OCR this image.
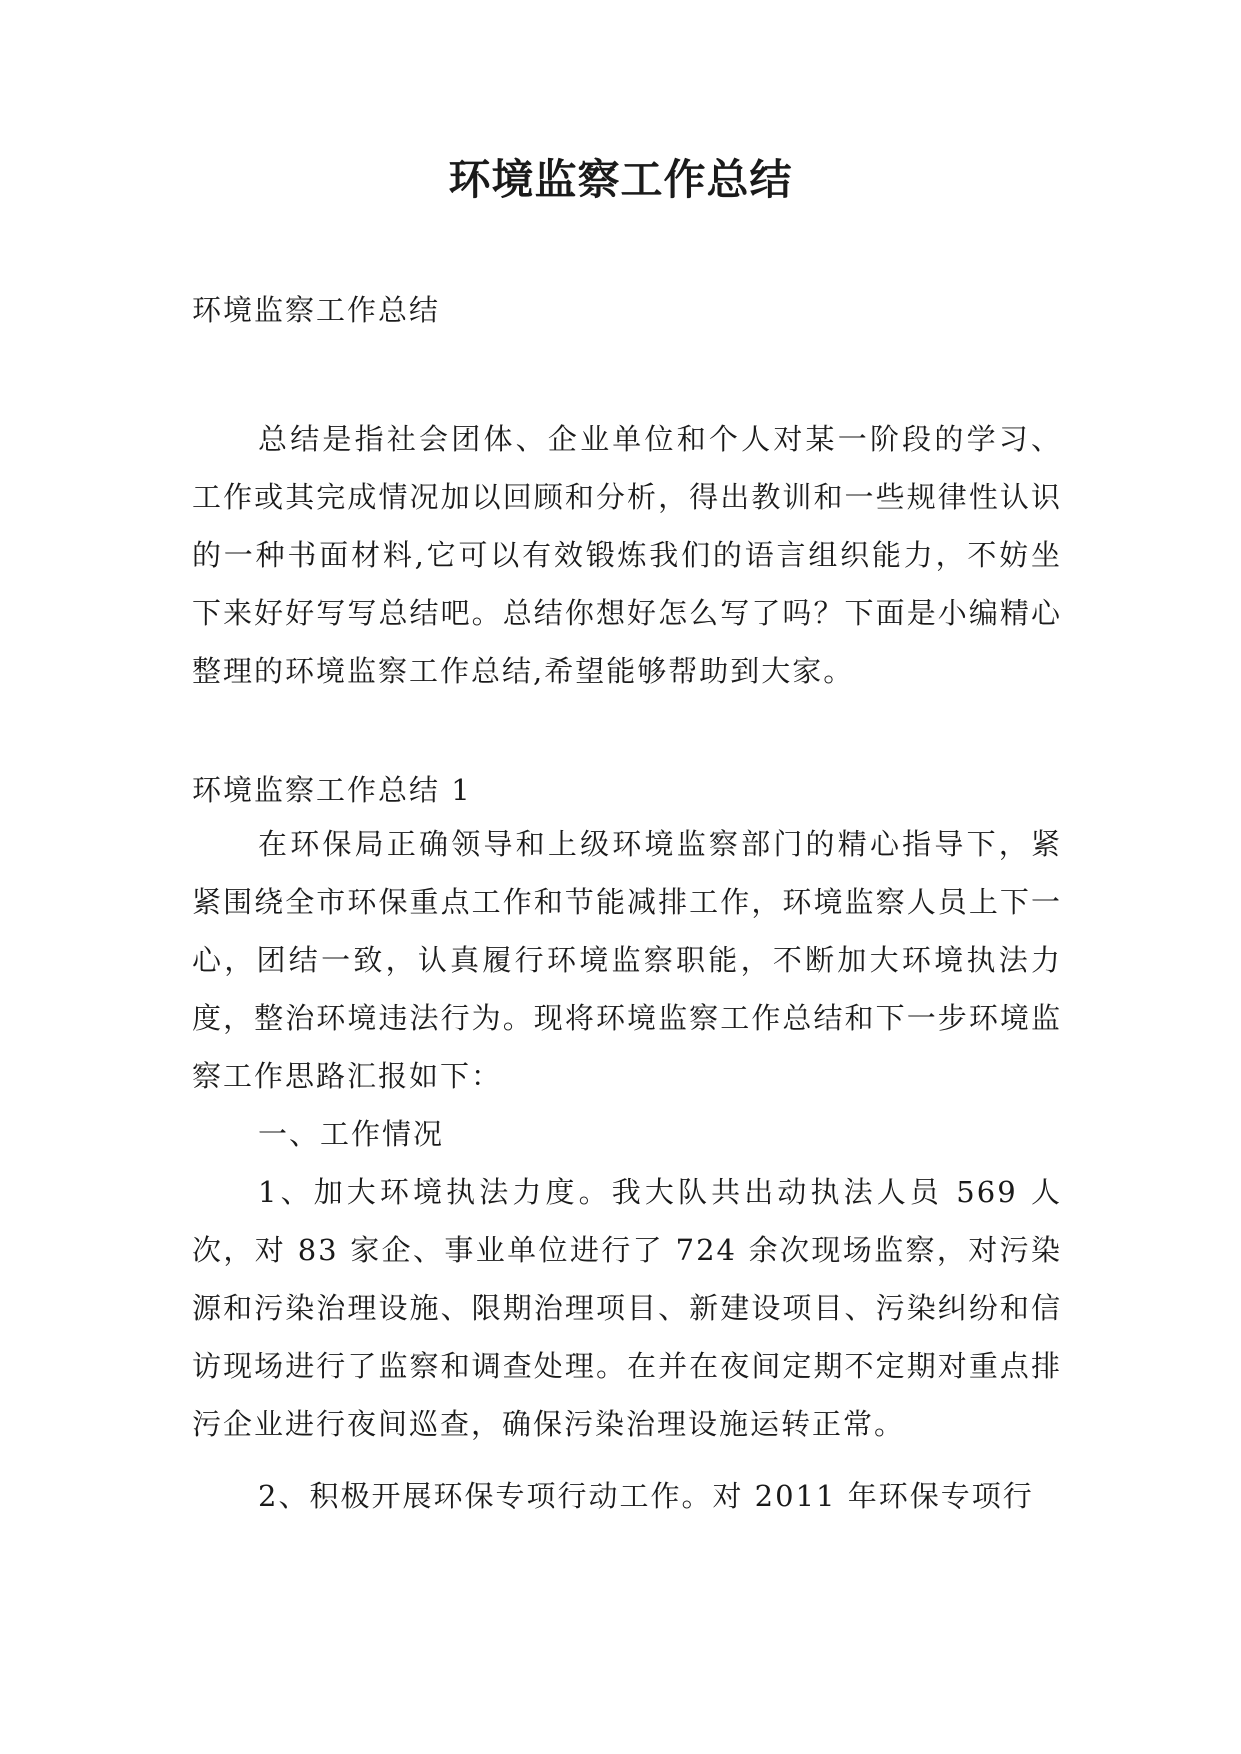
环境监察工作总结
环境监察工作总结

总结是指社会团体、企业单位和个人对某一阶段的学习、工作或其完成情况加以回顾和分析，得出教训和一些规律性认识的一种书面材料,它可以有效锻炼我们的语言组织能力，不妨坐下来好好写写总结吧。总结你想好怎么写了吗？下面是小编精心整理的环境监察工作总结,希望能够帮助到大家。

环境监察工作总结 1

在环保局正确领导和上级环境监察部门的精心指导下，紧紧围绕全市环保重点工作和节能减排工作，环境监察人员上下一心，团结一致，认真履行环境监察职能，不断加大环境执法力度，整治环境违法行为。现将环境监察工作总结和下一步环境监察工作思路汇报如下：

一、工作情况

1、加大环境执法力度。我大队共出动执法人员 569 人次，对 83 家企、事业单位进行了 724 余次现场监察，对污染源和污染治理设施、限期治理项目、新建设项目、污染纠纷和信访现场进行了监察和调查处理。在并在夜间定期不定期对重点排污企业进行夜间巡查，确保污染治理设施运转正常。

2、积极开展环保专项行动工作。对 2011 年环保专项行
